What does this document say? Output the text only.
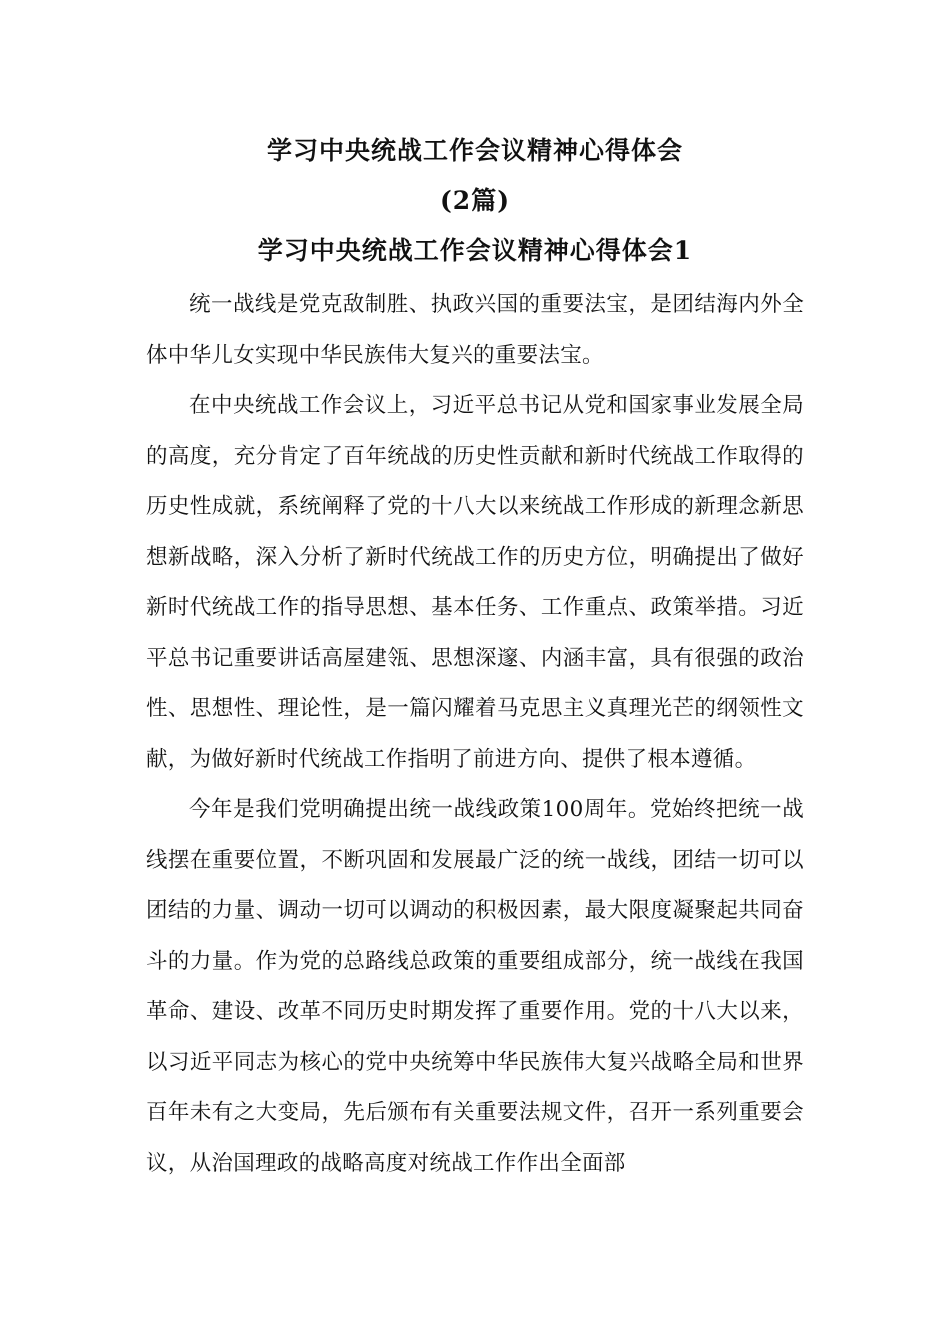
学习中央统战工作会议精神心得体会
(2篇)
学习中央统战工作会议精神心得体会1

统一战线是党克敌制胜、执政兴国的重要法宝，是团结海内外全体中华儿女实现中华民族伟大复兴的重要法宝。

在中央统战工作会议上，习近平总书记从党和国家事业发展全局的高度，充分肯定了百年统战的历史性贡献和新时代统战工作取得的历史性成就，系统阐释了党的十八大以来统战工作形成的新理念新思想新战略，深入分析了新时代统战工作的历史方位，明确提出了做好新时代统战工作的指导思想、基本任务、工作重点、政策举措。习近平总书记重要讲话高屋建瓴、思想深邃、内涵丰富，具有很强的政治性、思想性、理论性，是一篇闪耀着马克思主义真理光芒的纲领性文献，为做好新时代统战工作指明了前进方向、提供了根本遵循。

今年是我们党明确提出统一战线政策100周年。党始终把统一战线摆在重要位置，不断巩固和发展最广泛的统一战线，团结一切可以团结的力量、调动一切可以调动的积极因素，最大限度凝聚起共同奋斗的力量。作为党的总路线总政策的重要组成部分，统一战线在我国革命、建设、改革不同历史时期发挥了重要作用。党的十八大以来，以习近平同志为核心的党中央统筹中华民族伟大复兴战略全局和世界百年未有之大变局，先后颁布有关重要法规文件，召开一系列重要会议，从治国理政的战略高度对统战工作作出全面部
